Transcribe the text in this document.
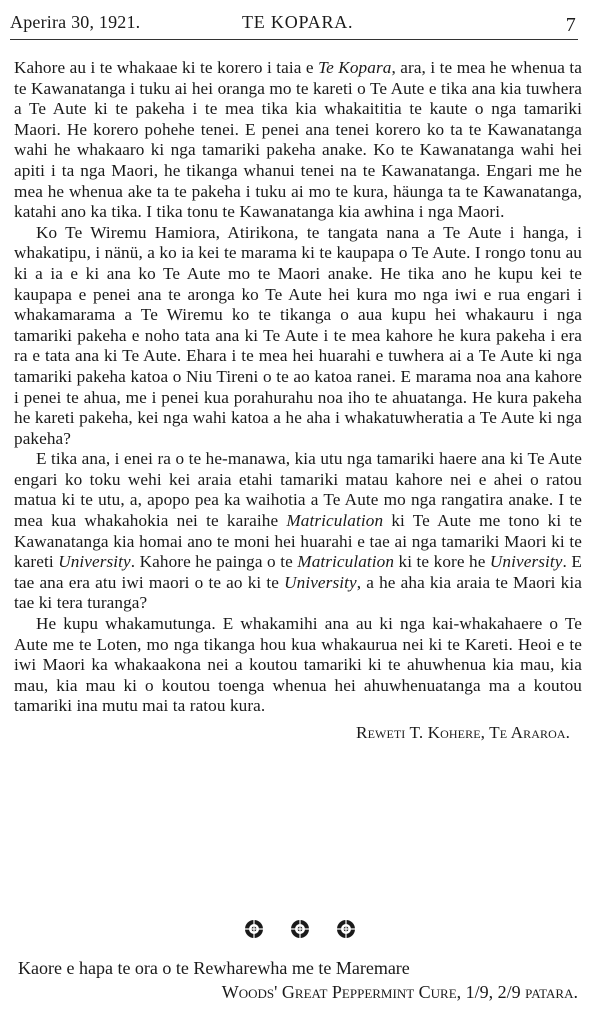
Aperira 30, 1921.	TE KOPARA.	7

Kahore au i te whakaae ki te korero i taia e Te Kopara, ara, i te mea he whenua ta te Kawanatanga i tuku ai hei oranga mo te kareti o Te Aute e tika ana kia tuwhera a Te Aute ki te pakeha i te mea tika kia whakaititia te kaute o nga tamariki Maori. He korero pohehe tenei. E penei ana tenei korero ko ta te Kawanatanga wahi he whakaaro ki nga tamariki pakeha anake. Ko te Kawanatanga wahi hei apiti i ta nga Maori, he tikanga whanui tenei na te Kawanatanga. Engari me he mea he whenua ake ta te pakeha i tuku ai mo te kura, häunga ta te Kawanatanga, katahi ano ka tika. I tika tonu te Kawanatanga kia awhina i nga Maori.

Ko Te Wiremu Hamiora, Atirikona, te tangata nana a Te Aute i hanga, i whakatipu, i nänü, a ko ia kei te marama ki te kaupapa o Te Aute. I rongo tonu au ki a ia e ki ana ko Te Aute mo te Maori anake. He tika ano he kupu kei te kaupapa e penei ana te aronga ko Te Aute hei kura mo nga iwi e rua engari i whakamarama a Te Wiremu ko te tikanga o aua kupu hei whakauru i nga tamariki pakeha e noho tata ana ki Te Aute i te mea kahore he kura pakeha i era ra e tata ana ki Te Aute. Ehara i te mea hei huarahi e tuwhera ai a Te Aute ki nga tamariki pakeha katoa o Niu Tireni o te ao katoa ranei. E marama noa ana kahore i penei te ahua, me i penei kua porahurahu noa iho te ahuatanga. He kura pakeha he kareti pakeha, kei nga wahi katoa a he aha i whakatuwheratia a Te Aute ki nga pakeha?

E tika ana, i enei ra o te he-manawa, kia utu nga tamariki haere ana ki Te Aute engari ko toku wehi kei araia etahi tamariki matau kahore nei e ahei o ratou matua ki te utu, a, apopo pea ka waihotia a Te Aute mo nga rangatira anake. I te mea kua whakahokia nei te karaihe Matriculation ki Te Aute me tono ki te Kawanatanga kia homai ano te moni hei huarahi e tae ai nga tamariki Maori ki te kareti University. Kahore he painga o te Matriculation ki te kore he University. E tae ana era atu iwi maori o te ao ki te University, a he aha kia araia te Maori kia tae ki tera turanga?

He kupu whakamutunga. E whakamihi ana au ki nga kai-whakahaere o Te Aute me te Loten, mo nga tikanga hou kua whakaurua nei ki te Kareti. Heoi e te iwi Maori ka whakaakona nei a koutou tamariki ki te ahuwhenua kia mau, kia mau, kia mau ki o koutou toenga whenua hei ahuwhenuatanga ma a koutou tamariki ina mutu mai ta ratou kura.

Reweti T. Kohere, Te Araroa.

Kaore e hapa te ora o te Rewharewha me te Maremare
Woods' Great Peppermint Cure, 1/9, 2/9 patara.
